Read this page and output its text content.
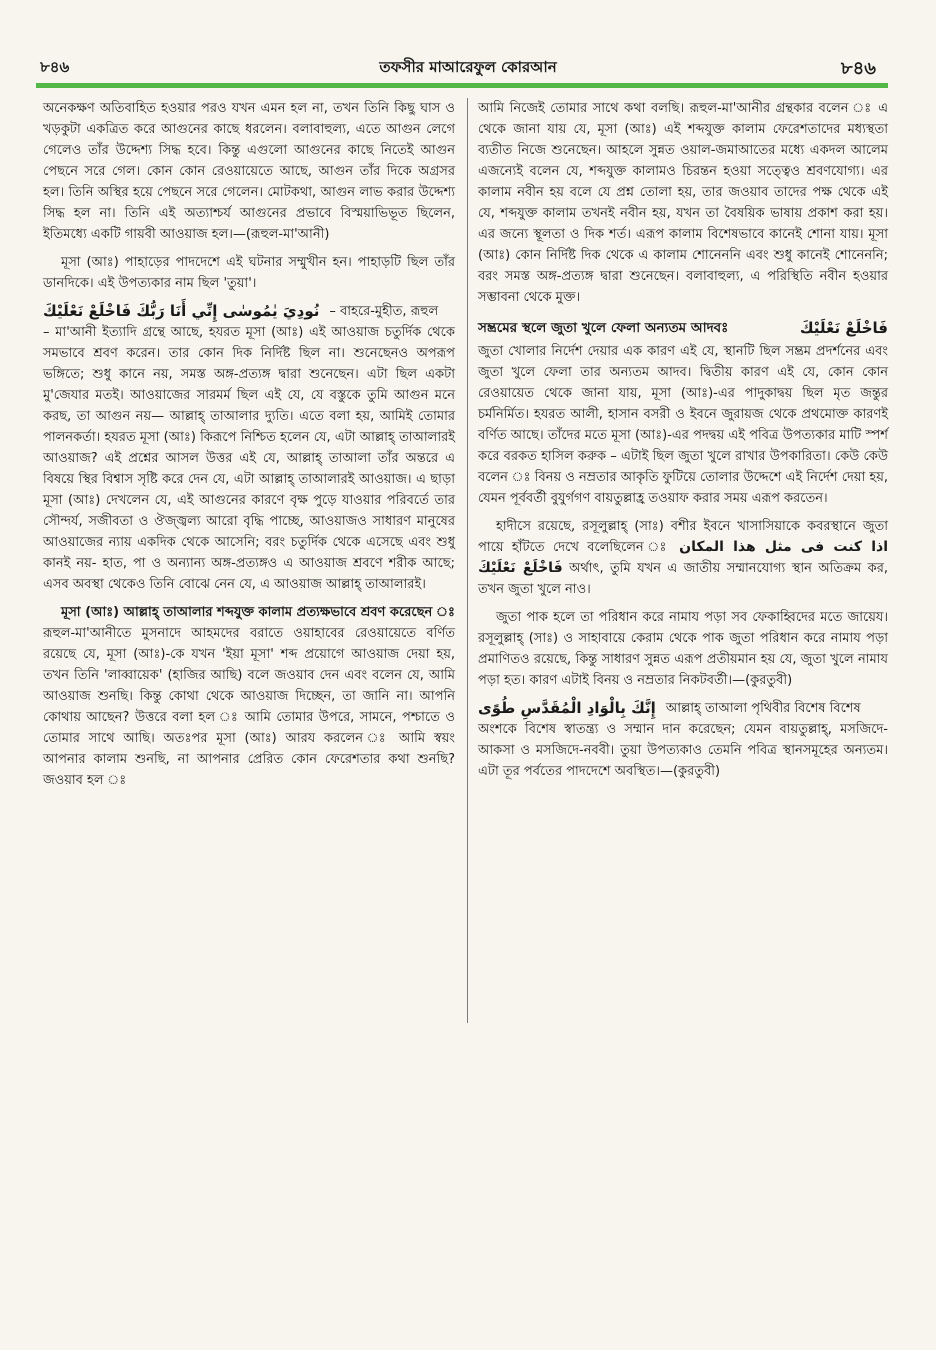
৮৪৬	তফসীর মাআরেফুল কোরআন	৮৪৬

অনেকক্ষণ অতিবাহিত হওয়ার পরও যখন এমন হল না, তখন তিনি কিছু ঘাস ও খড়কুটা একত্রিত করে আগুনের কাছে ধরলেন। বলাবাহুল্য, এতে আগুন লেগে গেলেও তাঁর উদ্দেশ্য সিদ্ধ হবে। কিন্তু এগুলো আগুনের কাছে নিতেই আগুন পেছনে সরে গেল। কোন কোন রেওয়ায়েতে আছে, আগুন তাঁর দিকে অগ্রসর হল। তিনি অস্থির হয়ে পেছনে সরে গেলেন। মোটকথা, আগুন লাভ করার উদ্দেশ্য সিদ্ধ হল না। তিনি এই অত্যাশ্চর্য আগুনের প্রভাবে বিস্ময়াভিভূত ছিলেন, ইতিমধ্যে একটি গায়বী আওয়াজ হল।—(রূহুল-মা'আনী)

মূসা (আঃ) পাহাড়ের পাদদেশে এই ঘটনার সম্মুখীন হন। পাহাড়টি ছিল তাঁর ডানদিকে। এই উপত্যকার নাম ছিল 'তুয়া'।

نُودِيَ يٰمُوسٰى إِنِّي أَنَا رَبُّكَ فَاخْلَعْ نَعْلَيْكَ – বাহরে-মুহীত, রূহুল

– মা'আনী ইত্যাদি গ্রন্থে আছে, হযরত মূসা (আঃ) এই আওয়াজ চতুর্দিক থেকে সমভাবে শ্রবণ করেন। তার কোন দিক নির্দিষ্ট ছিল না। শুনেছেনও অপরূপ ভঙ্গিতে; শুধু কানে নয়, সমস্ত অঙ্গ-প্রত্যঙ্গ দ্বারা শুনেছেন। এটা ছিল একটা মু'জেযার মতই। আওয়াজের সারমর্ম ছিল এই যে, যে বস্তুকে তুমি আগুন মনে করছ, তা আগুন নয়— আল্লাহ্ তাআলার দ্যুতি। এতে বলা হয়, আমিই তোমার পালনকর্তা। হযরত মূসা (আঃ) কিরূপে নিশ্চিত হলেন যে, এটা আল্লাহ্ তাআলারই আওয়াজ? এই প্রশ্নের আসল উত্তর এই যে, আল্লাহ্ তাআলা তাঁর অন্তরে এ বিষয়ে স্থির বিশ্বাস সৃষ্টি করে দেন যে, এটা আল্লাহ্ তাআলারই আওয়াজ। এ ছাড়া মূসা (আঃ) দেখলেন যে, এই আগুনের কারণে বৃক্ষ পুড়ে যাওয়ার পরিবর্তে তার সৌন্দর্য, সজীবতা ও ঔজ্জ্বল্য আরো বৃদ্ধি পাচ্ছে, আওয়াজও সাধারণ মানুষের আওয়াজের ন্যায় একদিক থেকে আসেনি; বরং চতুর্দিক থেকে এসেছে এবং শুধু কানই নয়- হাত, পা ও অন্যান্য অঙ্গ-প্রত্যঙ্গও এ আওয়াজ শ্রবণে শরীক আছে; এসব অবস্থা থেকেও তিনি বোঝে নেন যে, এ আওয়াজ আল্লাহ্ তাআলারই।

মূসা (আঃ) আল্লাহ্ তাআলার শব্দযুক্ত কালাম প্রত্যক্ষভাবে শ্রবণ করেছেন ঃ রূহুল-মা'আনীতে মুসনাদে আহমদের বরাতে ওয়াহাবের রেওয়ায়েতে বর্ণিত রয়েছে যে, মূসা (আঃ)-কে যখন 'ইয়া মূসা' শব্দ প্রয়োগে আওয়াজ দেয়া হয়, তখন তিনি 'লাব্বায়েক' (হাজির আছি) বলে জওয়াব দেন এবং বলেন যে, আমি আওয়াজ শুনছি। কিন্তু কোথা থেকে আওয়াজ দিচ্ছেন, তা জানি না। আপনি কোথায় আছেন? উত্তরে বলা হল ঃ আমি তোমার উপরে, সামনে, পশ্চাতে ও তোমার সাথে আছি। অতঃপর মূসা (আঃ) আরয করলেন ঃ আমি স্বয়ং আপনার কালাম শুনছি, না আপনার প্রেরিত কোন ফেরেশতার কথা শুনছি? জওয়াব হল ঃ

আমি নিজেই তোমার সাথে কথা বলছি। রূহুল-মা'আনীর গ্রন্থকার বলেন ঃ এ থেকে জানা যায় যে, মূসা (আঃ) এই শব্দযুক্ত কালাম ফেরেশতাদের মধ্যস্থতা ব্যতীত নিজে শুনেছেন। আহলে সুন্নত ওয়াল-জমাআতের মধ্যে একদল আলেম এজন্যেই বলেন যে, শব্দযুক্ত কালামও চিরন্তন হওয়া সত্ত্বেও শ্রবণযোগ্য। এর কালাম নবীন হয় বলে যে প্রশ্ন তোলা হয়, তার জওয়াব তাদের পক্ষ থেকে এই যে, শব্দযুক্ত কালাম তখনই নবীন হয়, যখন তা বৈষয়িক ভাষায় প্রকাশ করা হয়। এর জন্যে স্থূলতা ও দিক শর্ত। এরূপ কালাম বিশেষভাবে কানেই শোনা যায়। মূসা (আঃ) কোন নির্দিষ্ট দিক থেকে এ কালাম শোনেননি এবং শুধু কানেই শোনেননি; বরং সমস্ত অঙ্গ-প্রত্যঙ্গ দ্বারা শুনেছেন। বলাবাহুল্য, এ পরিস্থিতি নবীন হওয়ার সম্ভাবনা থেকে মুক্ত।

সম্ভ্রমের স্থলে জুতা খুলে ফেলা অন্যতম আদবঃ	فَاخْلَعْ نَعْلَيْكَ

জুতা খোলার নির্দেশ দেয়ার এক কারণ এই যে, স্থানটি ছিল সম্ভ্রম প্রদর্শনের এবং জুতা খুলে ফেলা তার অন্যতম আদব। দ্বিতীয় কারণ এই যে, কোন কোন রেওয়ায়েত থেকে জানা যায়, মূসা (আঃ)-এর পাদুকাদ্বয় ছিল মৃত জন্তুর চর্মনির্মিত। হযরত আলী, হাসান বসরী ও ইবনে জুরায়জ থেকে প্রথমোক্ত কারণই বর্ণিত আছে। তাঁদের মতে মূসা (আঃ)-এর পদদ্বয় এই পবিত্র উপত্যকার মাটি স্পর্শ করে বরকত হাসিল করুক – এটাই ছিল জুতা খুলে রাখার উপকারিতা। কেউ কেউ বলেন ঃ বিনয় ও নম্রতার আকৃতি ফুটিয়ে তোলার উদ্দেশে এই নির্দেশ দেয়া হয়, যেমন পূর্ববর্তী বুযুর্গগণ বায়তুল্লাহ্র তওয়াফ করার সময় এরূপ করতেন।

হাদীসে রয়েছে, রসূলুল্লাহ্ (সাঃ) বশীর ইবনে খাসাসিয়াকে কবরস্থানে জুতা পায়ে হাঁটতে দেখে বলেছিলেন ঃ اذا كنت فى مثل هذا المكان فَاخْلَعْ نَعْلَيْكَ অর্থাৎ, তুমি যখন এ জাতীয় সম্মানযোগ্য স্থান অতিক্রম কর, তখন জুতা খুলে নাও।

জুতা পাক হলে তা পরিধান করে নামায পড়া সব ফেকাহ্বিদের মতে জায়েয। রসূলুল্লাহ্ (সাঃ) ও সাহাবায়ে কেরাম থেকে পাক জুতা পরিধান করে নামায পড়া প্রমাণিতও রয়েছে, কিন্তু সাধারণ সুন্নত এরূপ প্রতীয়মান হয় যে, জুতা খুলে নামায পড়া হত। কারণ এটাই বিনয় ও নম্রতার নিকটবর্তী।—(কুরতুবী)

إِنَّكَ بِالْوَادِ الْمُقَدَّسِ طُوًى আল্লাহ্ তাআলা পৃথিবীর বিশেষ বিশেষ

অংশকে বিশেষ স্বাতন্ত্র্য ও সম্মান দান করেছেন; যেমন বায়তুল্লাহ্, মসজিদে-আকসা ও মসজিদে-নববী। তুয়া উপত্যকাও তেমনি পবিত্র স্থানসমূহের অন্যতম। এটা তূর পর্বতের পাদদেশে অবস্থিত।—(কুরতুবী)
